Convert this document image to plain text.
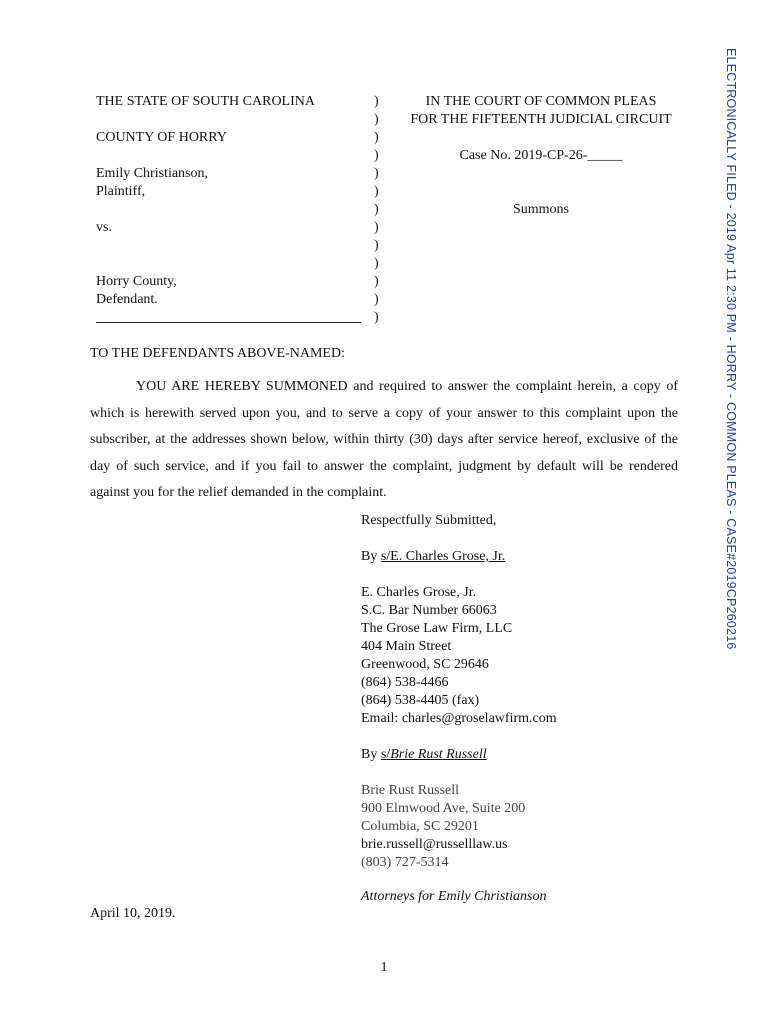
ELECTRONICALLY FILED - 2019 Apr 11 2:30 PM - HORRY - COMMON PLEAS - CASE#2019CP260216
THE STATE OF SOUTH CAROLINA
COUNTY OF HORRY
Emily Christianson,
Plaintiff,
vs.
Horry County,
Defendant.
)
)
)
)
)
)
)
)
)
)
)
)
)
IN THE COURT OF COMMON PLEAS
FOR THE FIFTEENTH JUDICIAL CIRCUIT
Case No. 2019-CP-26-_____
Summons
TO THE DEFENDANTS ABOVE-NAMED:

YOU ARE HEREBY SUMMONED and required to answer the complaint herein, a copy of which is herewith served upon you, and to serve a copy of your answer to this complaint upon the subscriber, at the addresses shown below, within thirty (30) days after service hereof, exclusive of the day of such service, and if you fail to answer the complaint, judgment by default will be rendered against you for the relief demanded in the complaint.

Respectfully Submitted,
By s/E. Charles Grose, Jr.
E. Charles Grose, Jr.
S.C. Bar Number 66063
The Grose Law Firm, LLC
404 Main Street
Greenwood, SC 29646
(864) 538-4466
(864) 538-4405 (fax)
Email: charles@groselawfirm.com
By s/Brie Rust Russell
Brie Rust Russell
900 Elmwood Ave, Suite 200
Columbia, SC 29201
brie.russell@russelllaw.us
(803) 727-5314
Attorneys for Emily Christianson
April 10, 2019.
1
